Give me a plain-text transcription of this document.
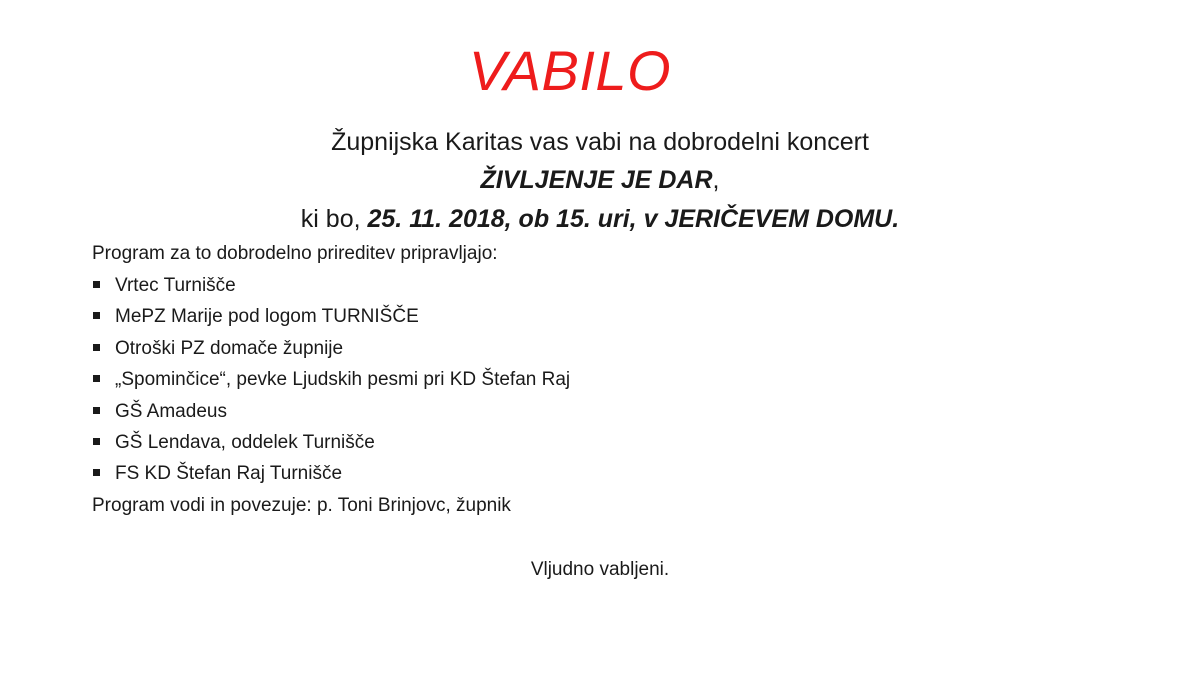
VABILO
Župnijska Karitas vas vabi na dobrodelni koncert
ŽIVLJENJE JE DAR,
ki bo, 25. 11. 2018, ob 15. uri, v JERIČEVEM DOMU.
Program za to dobrodelno prireditev pripravljajo:
Vrtec Turnišče
MePZ Marije pod logom TURNIŠČE
Otroški PZ domače župnije
„Spominčice“, pevke Ljudskih pesmi pri KD Štefan Raj
GŠ Amadeus
GŠ Lendava, oddelek Turnišče
FS KD Štefan Raj Turnišče
Program vodi in povezuje: p. Toni Brinjovc, župnik
Vljudno vabljeni.
